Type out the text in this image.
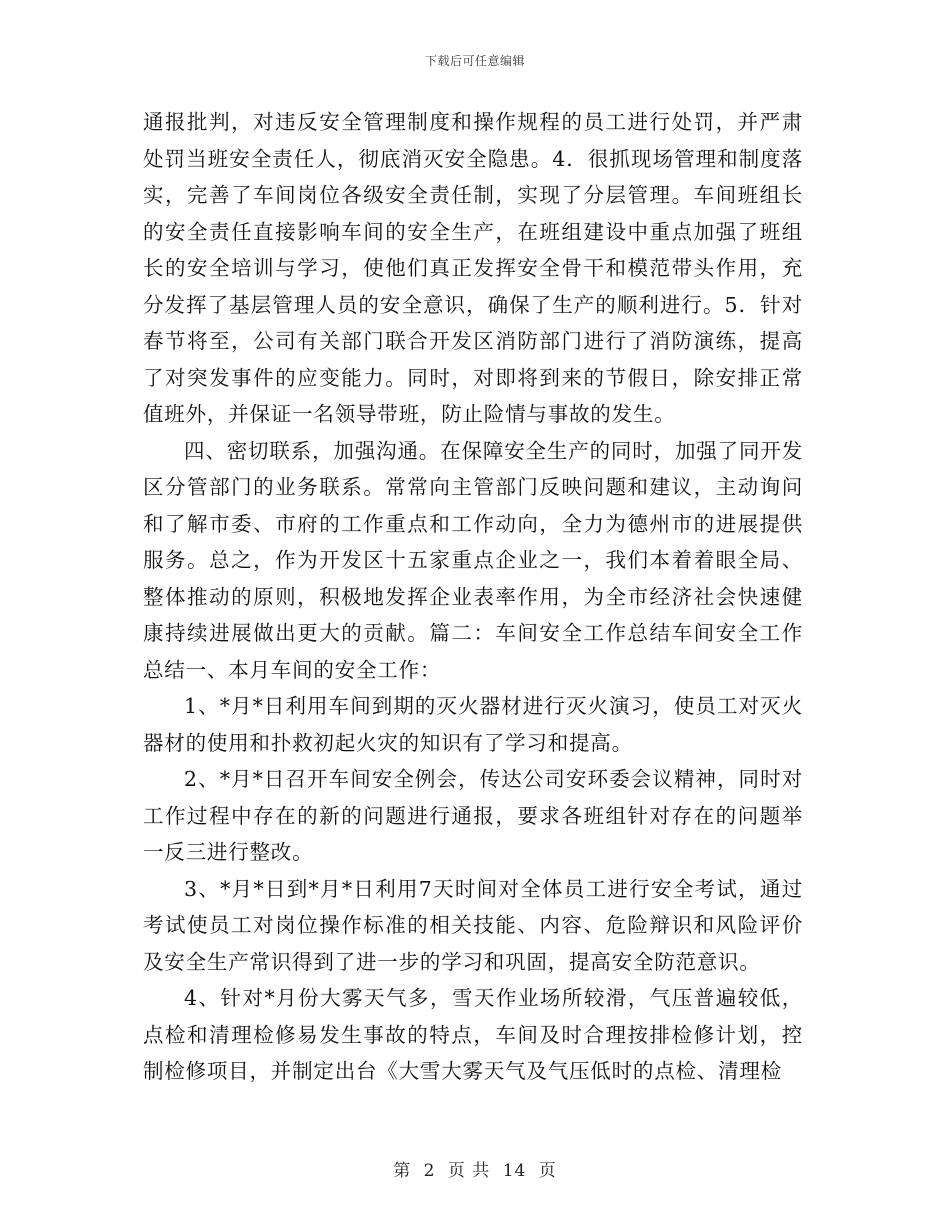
下载后可任意编辑

通报批判，对违反安全管理制度和操作规程的员工进行处罚，并严肃处罚当班安全责任人，彻底消灭安全隐患。4．很抓现场管理和制度落实，完善了车间岗位各级安全责任制，实现了分层管理。车间班组长的安全责任直接影响车间的安全生产，在班组建设中重点加强了班组长的安全培训与学习，使他们真正发挥安全骨干和模范带头作用，充分发挥了基层管理人员的安全意识，确保了生产的顺利进行。5．针对春节将至，公司有关部门联合开发区消防部门进行了消防演练，提高了对突发事件的应变能力。同时，对即将到来的节假日，除安排正常值班外，并保证一名领导带班，防止险情与事故的发生。

四、密切联系，加强沟通。在保障安全生产的同时，加强了同开发区分管部门的业务联系。常常向主管部门反映问题和建议，主动询问和了解市委、市府的工作重点和工作动向，全力为德州市的进展提供服务。总之，作为开发区十五家重点企业之一，我们本着着眼全局、整体推动的原则，积极地发挥企业表率作用，为全市经济社会快速健康持续进展做出更大的贡献。篇二：车间安全工作总结车间安全工作总结一、本月车间的安全工作：

1、*月*日利用车间到期的灭火器材进行灭火演习，使员工对灭火器材的使用和扑救初起火灾的知识有了学习和提高。

2、*月*日召开车间安全例会，传达公司安环委会议精神，同时对工作过程中存在的新的问题进行通报，要求各班组针对存在的问题举一反三进行整改。

3、*月*日到*月*日利用7天时间对全体员工进行安全考试，通过考试使员工对岗位操作标准的相关技能、内容、危险辩识和风险评价及安全生产常识得到了进一步的学习和巩固，提高安全防范意识。

4、针对*月份大雾天气多，雪天作业场所较滑，气压普遍较低，点检和清理检修易发生事故的特点，车间及时合理按排检修计划，控制检修项目，并制定出台《大雪大雾天气及气压低时的点检、清理检

第 2 页 共 14 页
